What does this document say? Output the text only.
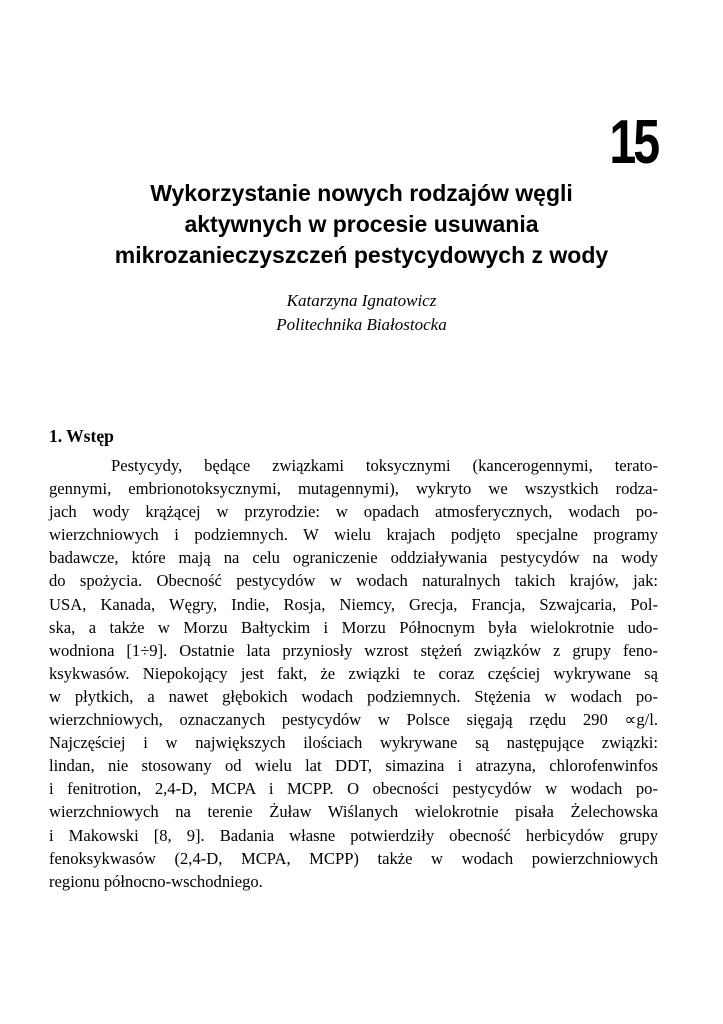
15
Wykorzystanie nowych rodzajów węgli
aktywnych w procesie usuwania
mikrozanieczyszczeń pestycydowych z wody
Katarzyna Ignatowicz
Politechnika Białostocka
1. Wstęp
Pestycydy, będące związkami toksycznymi (kancerogennymi, terato-
gennymi, embrionotoksycznymi, mutagennymi), wykryto we wszystkich rodza-
jach wody krążącej w przyrodzie: w opadach atmosferycznych, wodach po-
wierzchniowych i podziemnych. W wielu krajach podjęto specjalne programy
badawcze, które mają na celu ograniczenie oddziaływania pestycydów na wody
do spożycia. Obecność pestycydów w wodach naturalnych takich krajów, jak:
USA, Kanada, Węgry, Indie, Rosja, Niemcy, Grecja, Francja, Szwajcaria, Pol-
ska, a także w Morzu Bałtyckim i Morzu Północnym była wielokrotnie udo-
wodniona [1÷9]. Ostatnie lata przyniosły wzrost stężeń związków z grupy feno-
ksykwasów. Niepokojący jest fakt, że związki te coraz częściej wykrywane są
w płytkich, a nawet głębokich wodach podziemnych. Stężenia w wodach po-
wierzchniowych, oznaczanych pestycydów w Polsce sięgają rzędu 290 ∝g/l.
Najczęściej i w największych ilościach wykrywane są następujące związki:
lindan, nie stosowany od wielu lat DDT, simazina i atrazyna, chlorofenwinfos
i fenitrotion, 2,4-D, MCPA i MCPP. O obecności pestycydów w wodach po-
wierzchniowych na terenie Żuław Wiślanych wielokrotnie pisała Żelechowska
i Makowski [8, 9]. Badania własne potwierdziły obecność herbicydów grupy
fenoksykwasów (2,4-D, MCPA, MCPP) także w wodach powierzchniowych
regionu północno-wschodniego.
